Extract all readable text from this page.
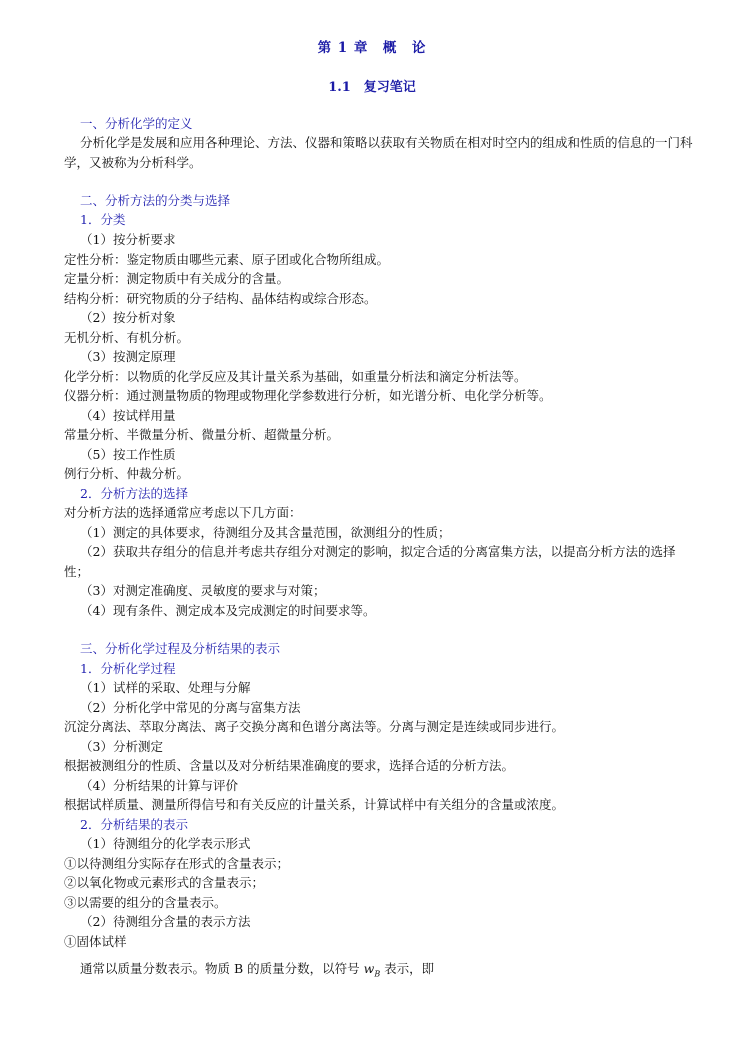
第 1 章　概　论
1.1　复习笔记
一、分析化学的定义
分析化学是发展和应用各种理论、方法、仪器和策略以获取有关物质在相对时空内的组成和性质的信息的一门科学，又被称为分析科学。
二、分析方法的分类与选择
1．分类
（1）按分析要求
定性分析：鉴定物质由哪些元素、原子团或化合物所组成。
定量分析：测定物质中有关成分的含量。
结构分析：研究物质的分子结构、晶体结构或综合形态。
（2）按分析对象
无机分析、有机分析。
（3）按测定原理
化学分析：以物质的化学反应及其计量关系为基础，如重量分析法和滴定分析法等。
仪器分析：通过测量物质的物理或物理化学参数进行分析，如光谱分析、电化学分析等。
（4）按试样用量
常量分析、半微量分析、微量分析、超微量分析。
（5）按工作性质
例行分析、仲裁分析。
2．分析方法的选择
对分析方法的选择通常应考虑以下几方面：
（1）测定的具体要求，待测组分及其含量范围，欲测组分的性质；
（2）获取共存组分的信息并考虑共存组分对测定的影响，拟定合适的分离富集方法，以提高分析方法的选择性；
（3）对测定准确度、灵敏度的要求与对策；
（4）现有条件、测定成本及完成测定的时间要求等。
三、分析化学过程及分析结果的表示
1．分析化学过程
（1）试样的采取、处理与分解
（2）分析化学中常见的分离与富集方法
沉淀分离法、萃取分离法、离子交换分离和色谱分离法等。分离与测定是连续或同步进行。
（3）分析测定
根据被测组分的性质、含量以及对分析结果准确度的要求，选择合适的分析方法。
（4）分析结果的计算与评价
根据试样质量、测量所得信号和有关反应的计量关系，计算试样中有关组分的含量或浓度。
2．分析结果的表示
（1）待测组分的化学表示形式
①以待测组分实际存在形式的含量表示；
②以氧化物或元素形式的含量表示；
③以需要的组分的含量表示。
（2）待测组分含量的表示方法
①固体试样
通常以质量分数表示。物质 B 的质量分数，以符号 $w_B$ 表示，即
